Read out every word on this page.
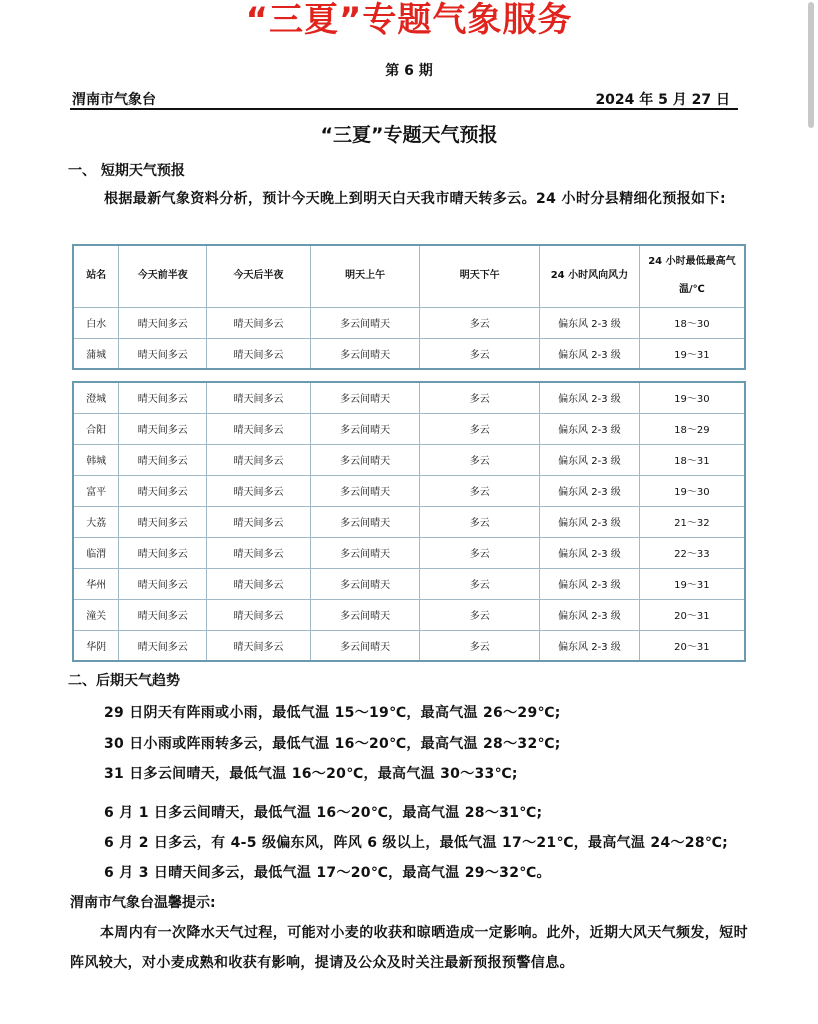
“三夏”专题气象服务
第 6 期
渭南市气象台	2024 年 5 月 27 日
“三夏”专题天气预报
一、 短期天气预报
根据最新气象资料分析，预计今天晚上到明天白天我市晴天转多云。24 小时分县精细化预报如下:
站名	今天前半夜	今天后半夜	明天上午	明天下午	24 小时风向风力	24 小时最低最高气温/℃
白水	晴天间多云	晴天间多云	多云间晴天	多云	偏东风 2-3 级	18～30
蒲城	晴天间多云	晴天间多云	多云间晴天	多云	偏东风 2-3 级	19～31
澄城	晴天间多云	晴天间多云	多云间晴天	多云	偏东风 2-3 级	19～30
合阳	晴天间多云	晴天间多云	多云间晴天	多云	偏东风 2-3 级	18～29
韩城	晴天间多云	晴天间多云	多云间晴天	多云	偏东风 2-3 级	18～31
富平	晴天间多云	晴天间多云	多云间晴天	多云	偏东风 2-3 级	19～30
大荔	晴天间多云	晴天间多云	多云间晴天	多云	偏东风 2-3 级	21～32
临渭	晴天间多云	晴天间多云	多云间晴天	多云	偏东风 2-3 级	22～33
华州	晴天间多云	晴天间多云	多云间晴天	多云	偏东风 2-3 级	19～31
潼关	晴天间多云	晴天间多云	多云间晴天	多云	偏东风 2-3 级	20～31
华阴	晴天间多云	晴天间多云	多云间晴天	多云	偏东风 2-3 级	20～31
二、后期天气趋势
29 日阴天有阵雨或小雨，最低气温 15～19℃，最高气温 26～29℃;
30 日小雨或阵雨转多云，最低气温 16～20℃，最高气温 28～32℃;
31 日多云间晴天，最低气温 16～20℃，最高气温 30～33℃;
6 月 1 日多云间晴天，最低气温 16～20℃，最高气温 28～31℃;
6 月 2 日多云，有 4-5 级偏东风，阵风 6 级以上，最低气温 17～21℃，最高气温 24～28℃;
6 月 3 日晴天间多云，最低气温 17～20℃，最高气温 29～32℃。
渭南市气象台温馨提示:
本周内有一次降水天气过程，可能对小麦的收获和晾晒造成一定影响。此外，近期大风天气频发，短时阵风较大，对小麦成熟和收获有影响，提请及公众及时关注最新预报预警信息。
